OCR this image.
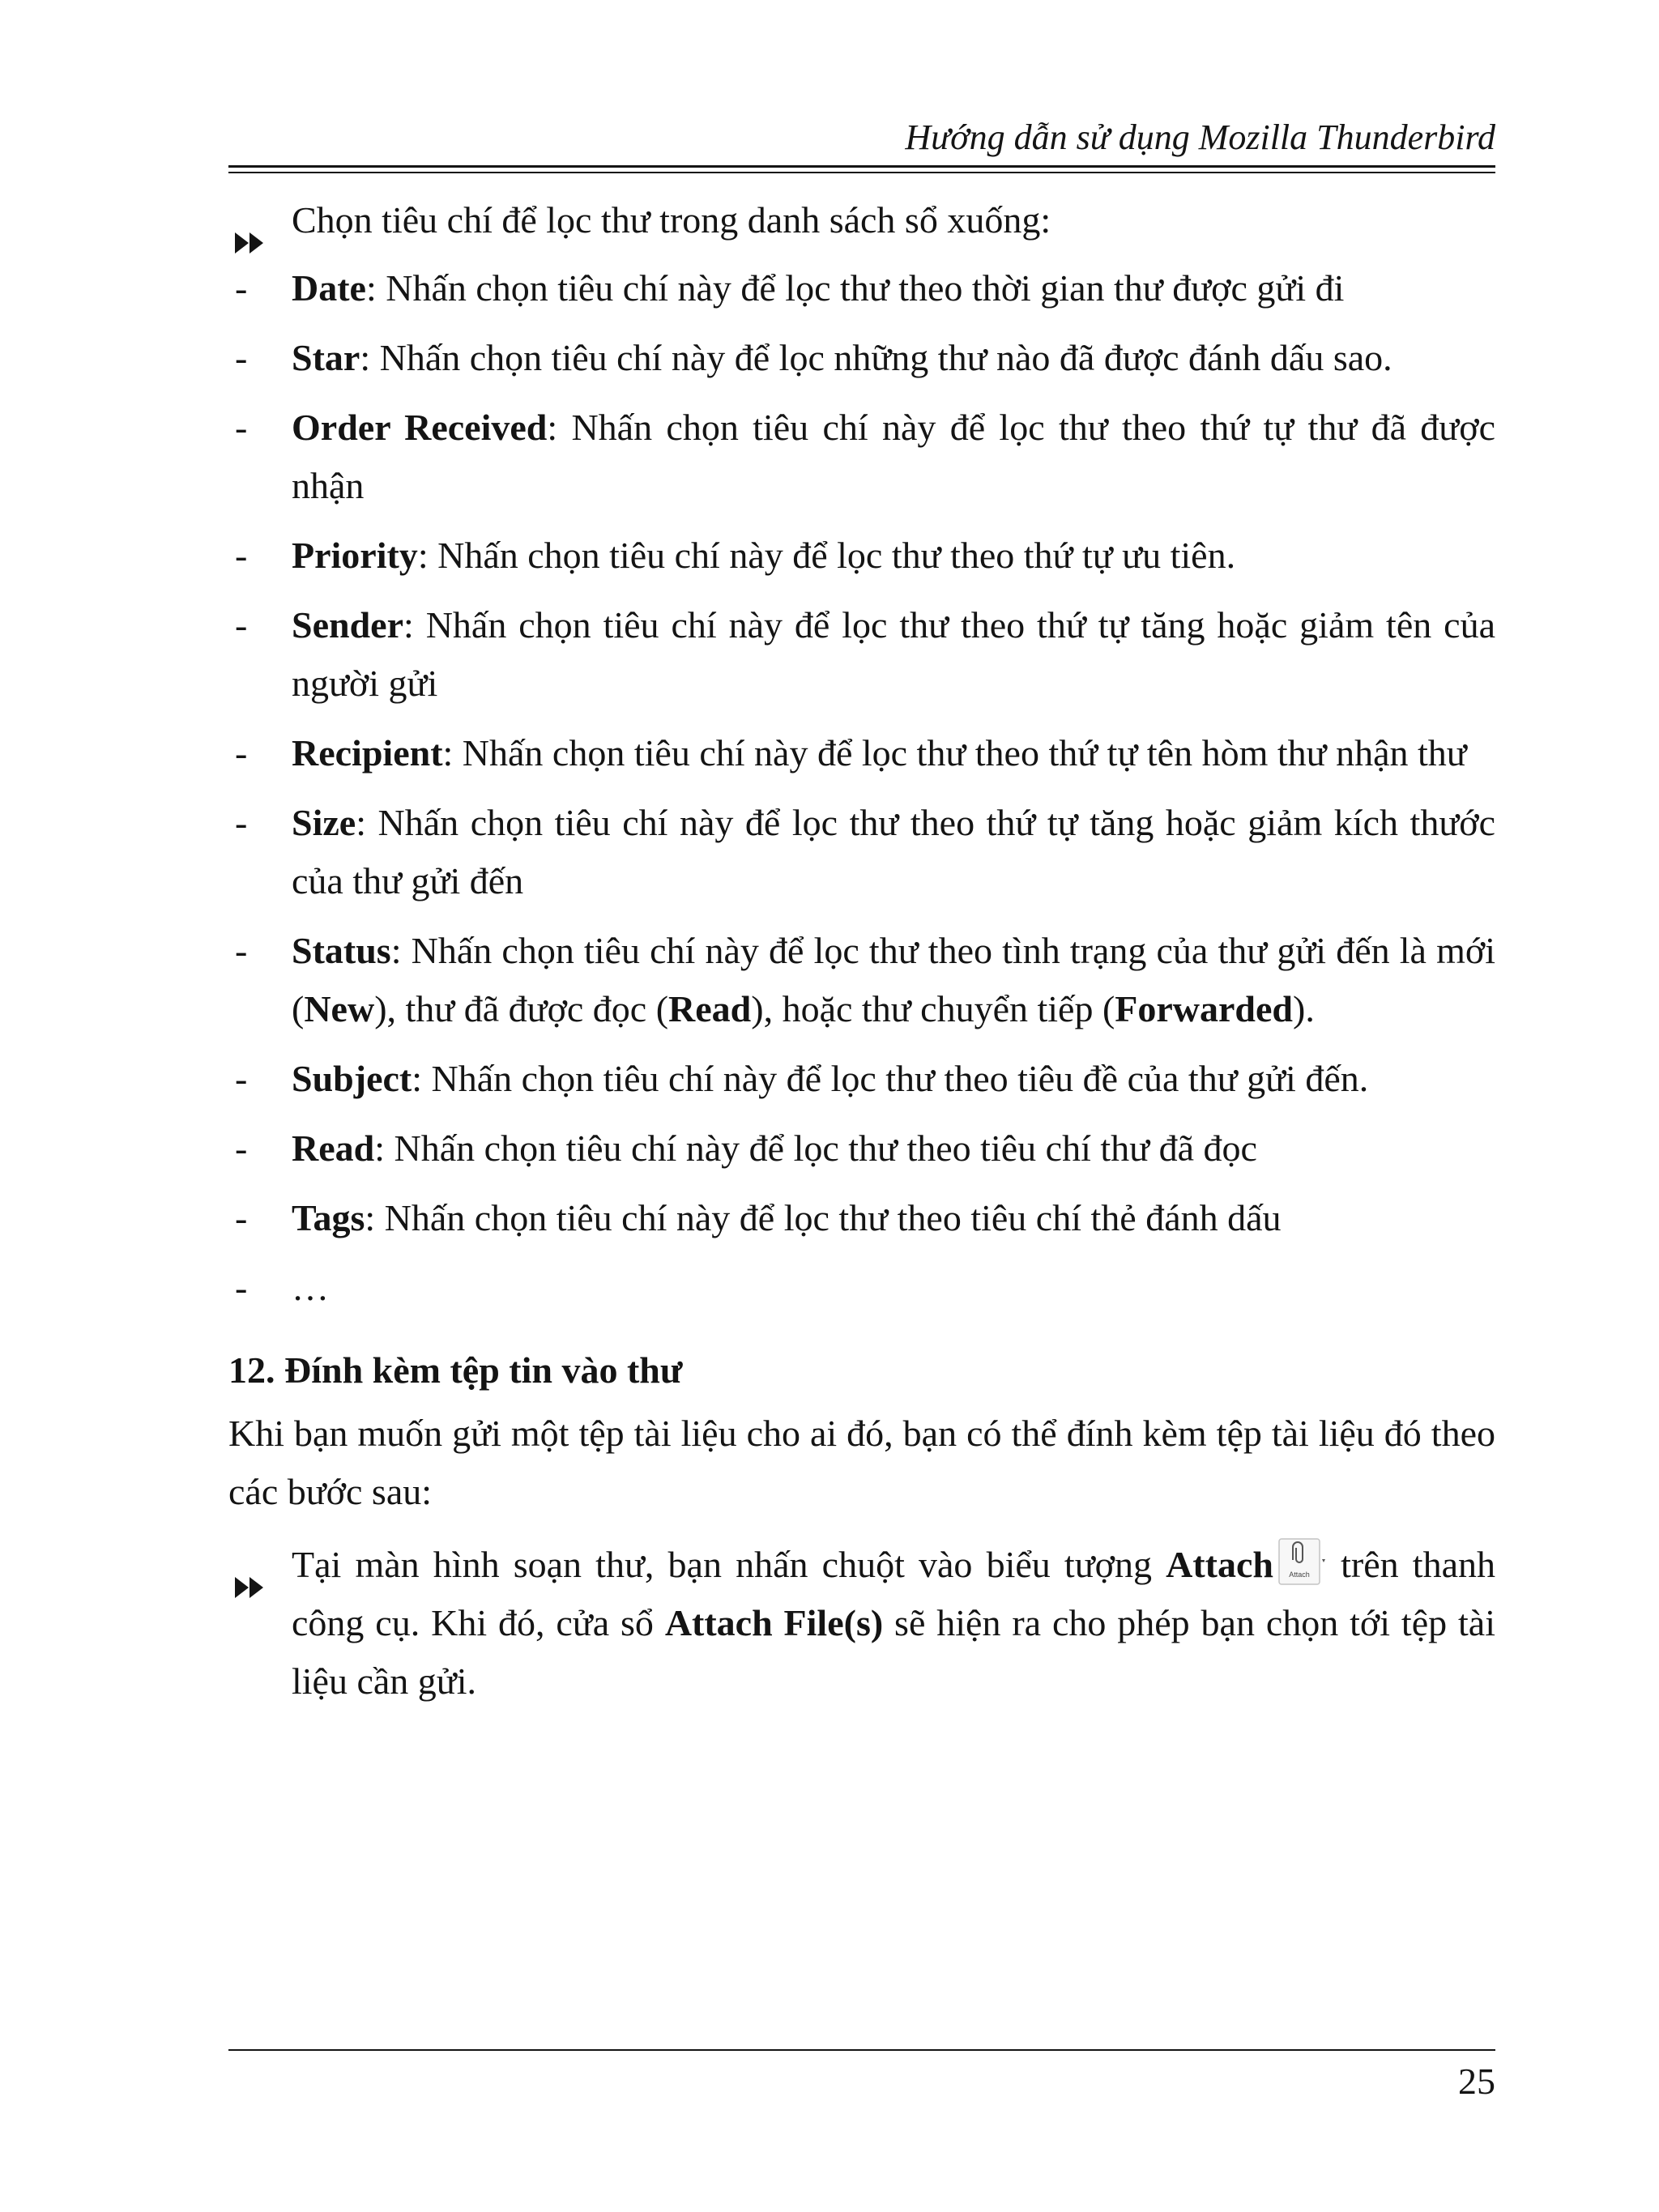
Hướng dẫn sử dụng Mozilla Thunderbird
Chọn tiêu chí để lọc thư trong danh sách sổ xuống:
-	Date: Nhấn chọn tiêu chí này để lọc thư theo thời gian thư được gửi đi
-	Star: Nhấn chọn tiêu chí này để lọc những thư nào đã được đánh dấu sao.
-	Order Received: Nhấn chọn tiêu chí này để lọc thư theo thứ tự thư đã được nhận
-	Priority: Nhấn chọn tiêu chí này để lọc thư theo thứ tự ưu tiên.
-	Sender: Nhấn chọn tiêu chí này để lọc thư theo thứ tự tăng hoặc giảm tên của người gửi
-	Recipient: Nhấn chọn tiêu chí này để lọc thư theo thứ tự tên hòm thư nhận thư
-	Size: Nhấn chọn tiêu chí này để lọc thư theo thứ tự tăng hoặc giảm kích thước của thư gửi đến
-	Status: Nhấn chọn tiêu chí này để lọc thư theo tình trạng của thư gửi đến là mới (New), thư đã được đọc (Read), hoặc thư chuyển tiếp (Forwarded).
-	Subject: Nhấn chọn tiêu chí này để lọc thư theo tiêu đề của thư gửi đến.
-	Read: Nhấn chọn tiêu chí này để lọc thư theo tiêu chí thư đã đọc
-	Tags: Nhấn chọn tiêu chí này để lọc thư theo tiêu chí thẻ đánh dấu
-	…
12. Đính kèm tệp tin vào thư
Khi bạn muốn gửi một tệp tài liệu cho ai đó, bạn có thể đính kèm tệp tài liệu đó theo các bước sau:
Tại màn hình soạn thư, bạn nhấn chuột vào biểu tượng Attach Attach trên thanh công cụ. Khi đó, cửa sổ Attach File(s) sẽ hiện ra cho phép bạn chọn tới tệp tài liệu cần gửi.
25
